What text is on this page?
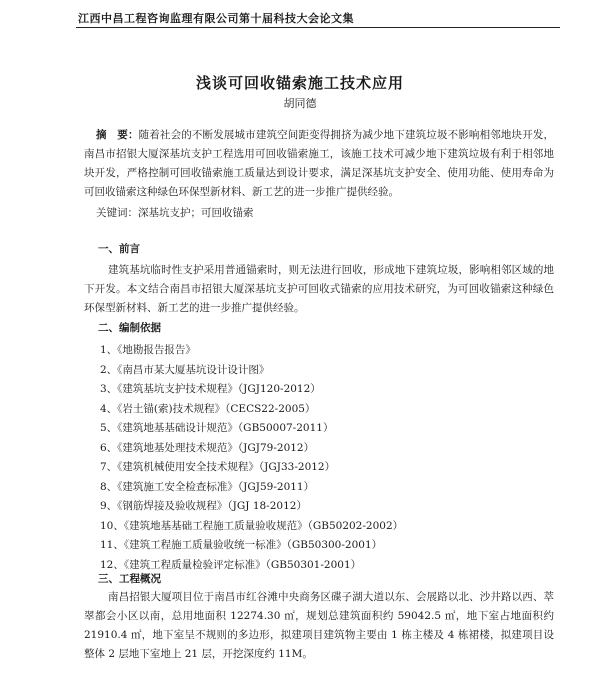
江西中昌工程咨询监理有限公司第十届科技大会论文集
浅谈可回收锚索施工技术应用
胡同德

摘　要：随着社会的不断发展城市建筑空间距变得拥挤为减少地下建筑垃圾不影响相邻地块开发，南昌市招银大厦深基坑支护工程选用可回收锚索施工，该施工技术可减少地下建筑垃圾有利于相邻地块开发，严格控制可回收锚索施工质量达到设计要求，满足深基坑支护安全、使用功能、使用寿命为可回收锚索这种绿色环保型新材料、新工艺的进一步推广提供经验。

关键词：深基坑支护；可回收锚索

一、前言

建筑基坑临时性支护采用普通锚索时，则无法进行回收，形成地下建筑垃圾，影响相邻区域的地下开发。本文结合南昌市招银大厦深基坑支护可回收式锚索的应用技术研究，为可回收锚索这种绿色环保型新材料、新工艺的进一步推广提供经验。

二、编制依据
1、《地勘报告报告》
2、《南昌市某大厦基坑设计设计图》
3、《建筑基坑支护技术规程》（JGJ120-2012）
4、《岩土锚(索)技术规程》（CECS22-2005）
5、《建筑地基基础设计规范》（GB50007-2011）
6、《建筑地基处理技术规范》（JGJ79-2012）
7、《建筑机械使用安全技术规程》（JGJ33-2012）
8、《建筑施工安全检查标准》（JGJ59-2011）
9、《钢筋焊接及验收规程》（JGJ 18-2012）
10、《建筑地基基础工程施工质量验收规范》（GB50202-2002）
11、《建筑工程施工质量验收统一标准》（GB50300-2001）
12、《建筑工程质量检验评定标准》（GB50301-2001）
三、工程概况

南昌招银大厦项目位于南昌市红谷滩中央商务区碟子湖大道以东、会展路以北、沙井路以西、萃翠都会小区以南，总用地面积 12274.30 ㎡，规划总建筑面积约 59042.5 ㎡，地下室占地面积约21910.4 ㎡，地下室呈不规则的多边形，拟建项目建筑物主要由 1 栋主楼及 4 栋裙楼，拟建项目设整体 2 层地下室地上 21 层，开挖深度约 11M。
